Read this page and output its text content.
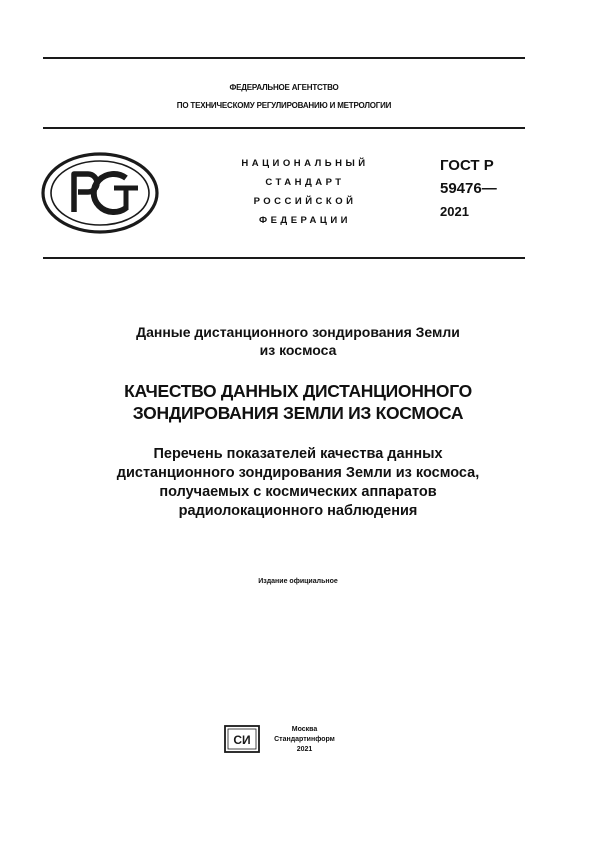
ФЕДЕРАЛЬНОЕ АГЕНТСТВО
ПО ТЕХНИЧЕСКОМУ РЕГУЛИРОВАНИЮ И МЕТРОЛОГИИ
НАЦИОНАЛЬНЫЙ
СТАНДАРТ
РОССИЙСКОЙ
ФЕДЕРАЦИИ
ГОСТ Р
59476—
2021
Данные дистанционного зондирования Земли
из космоса
КАЧЕСТВО ДАННЫХ ДИСТАНЦИОННОГО
ЗОНДИРОВАНИЯ ЗЕМЛИ ИЗ КОСМОСА
Перечень показателей качества данных
дистанционного зондирования Земли из космоса,
получаемых с космических аппаратов
радиолокационного наблюдения
Издание официальное
СИ
Москва
Стандартинформ
2021
